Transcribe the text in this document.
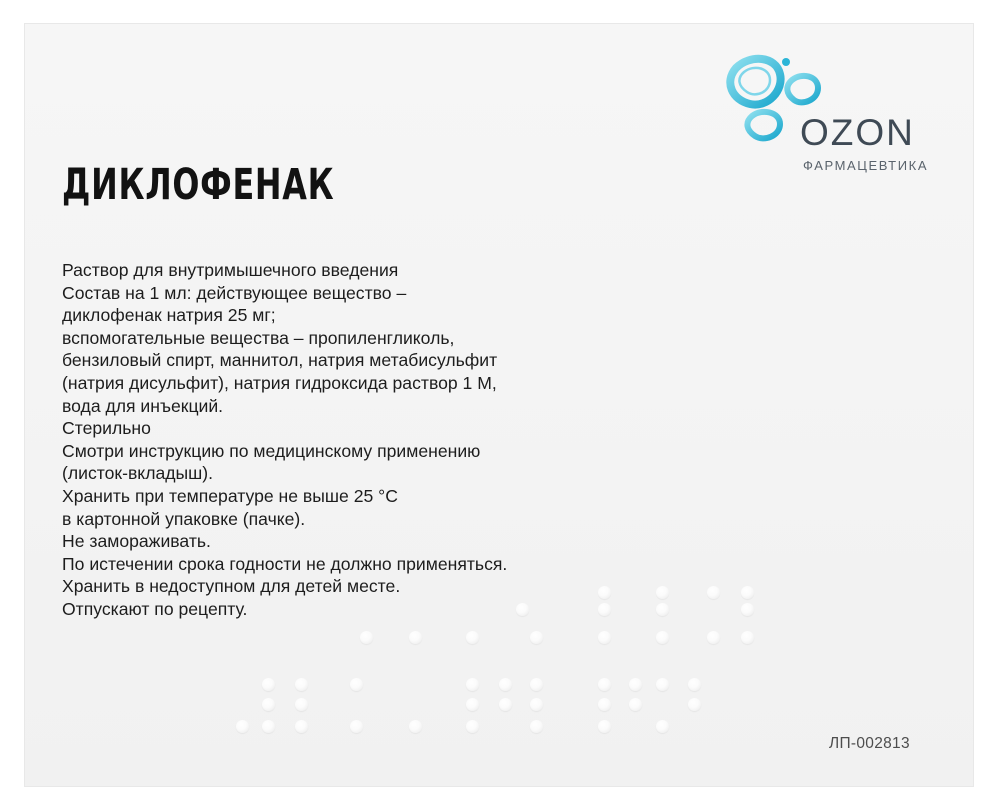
OZON
ФАРМАЦЕВТИКА
ДИКЛОФЕНАК
Раствор для внутримышечного введения
Состав на 1 мл: действующее вещество –
диклофенак натрия 25 мг;
вспомогательные вещества – пропиленгликоль,
бензиловый спирт, маннитол, натрия метабисульфит
(натрия дисульфит), натрия гидроксида раствор 1 М,
вода для инъекций.
Стерильно
Смотри инструкцию по медицинскому применению
(листок-вкладыш).
Хранить при температуре не выше 25 °С
в картонной упаковке (пачке).
Не замораживать.
По истечении срока годности не должно применяться.
Хранить в недоступном для детей месте.
Отпускают по рецепту.
ЛП-002813
